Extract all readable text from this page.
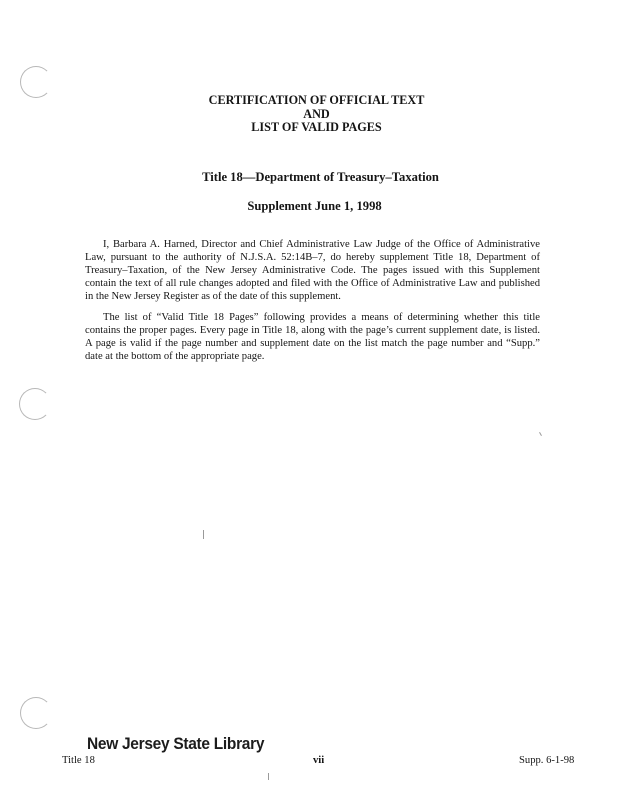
CERTIFICATION OF OFFICIAL TEXT
AND
LIST OF VALID PAGES
Title 18—Department of Treasury–Taxation
Supplement June 1, 1998

I, Barbara A. Harned, Director and Chief Administrative Law Judge of the Office of Administrative Law, pursuant to the authority of N.J.S.A. 52:14B–7, do hereby supplement Title 18, Department of Treasury–Taxation, of the New Jersey Administrative Code. The pages issued with this Supplement contain the text of all rule changes adopted and filed with the Office of Administrative Law and published in the New Jersey Register as of the date of this supplement.

The list of “Valid Title 18 Pages” following provides a means of determining whether this title contains the proper pages. Every page in Title 18, along with the page’s current supplement date, is listed. A page is valid if the page number and supplement date on the list match the page number and “Supp.” date at the bottom of the appropriate page.

New Jersey State Library
Title 18	vii	Supp. 6-1-98
